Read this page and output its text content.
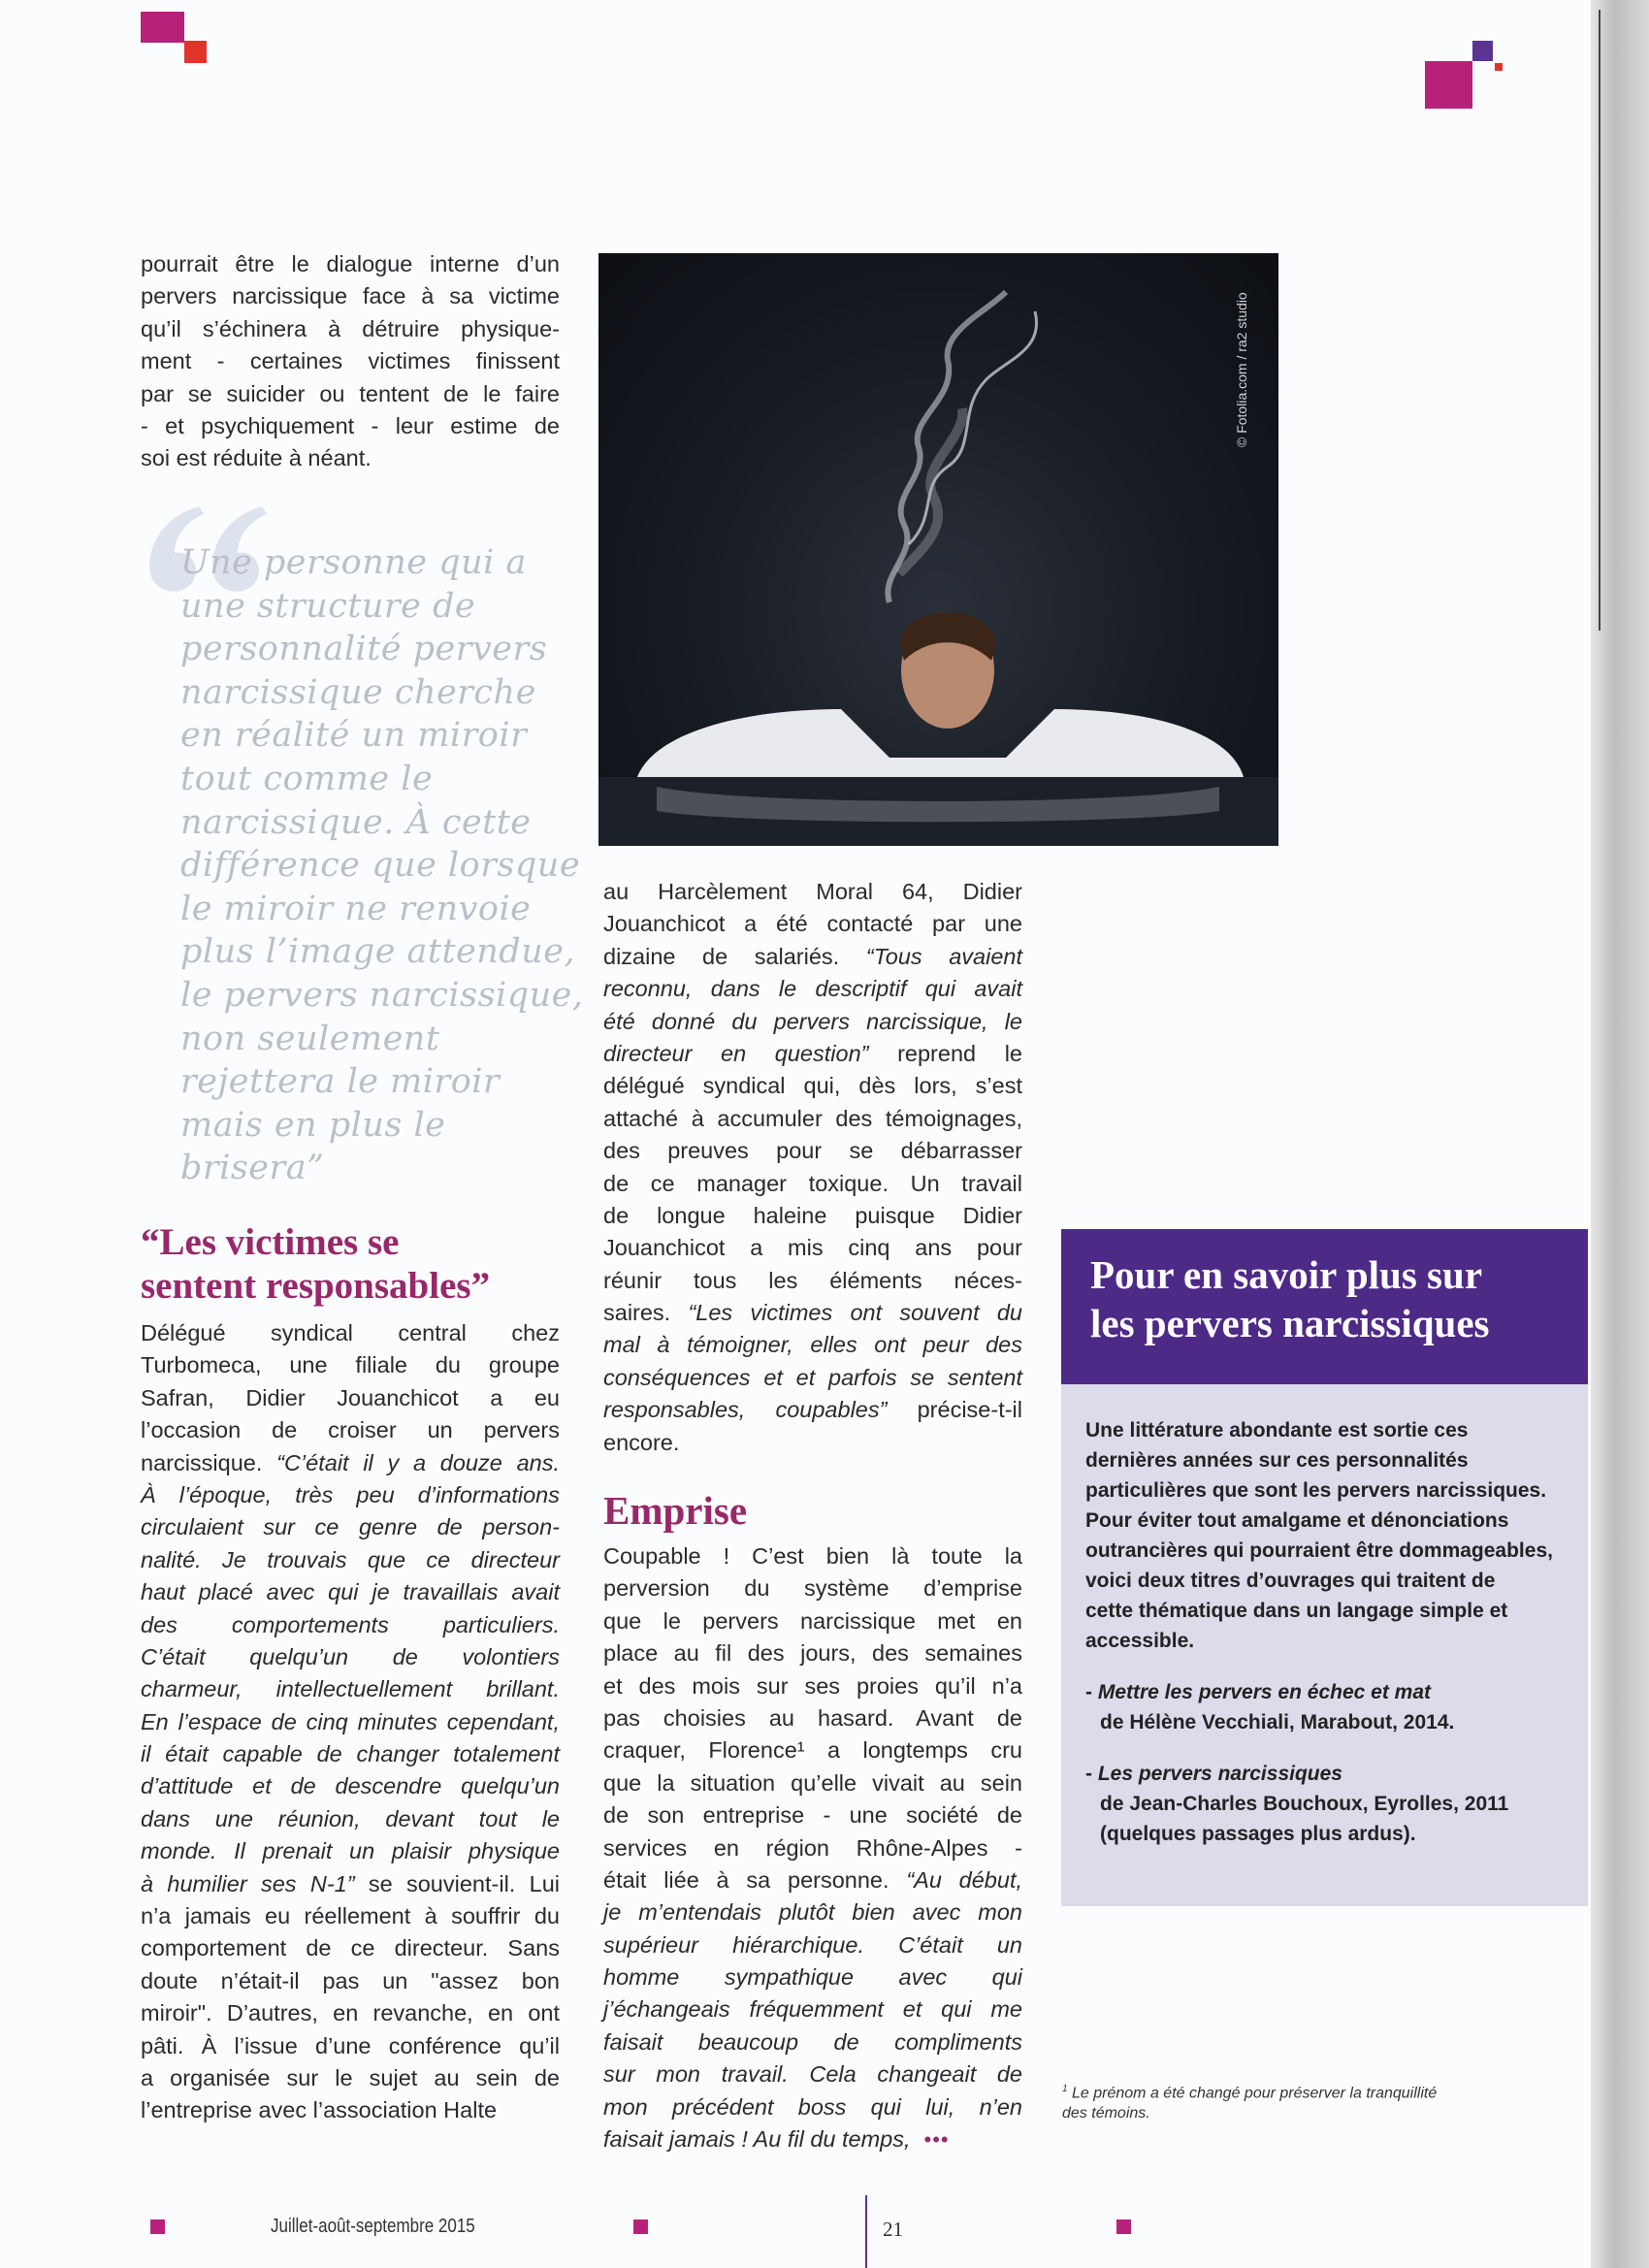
pourrait être le dialogue interne d’un
pervers narcissique face à sa victime
qu’il s’échinera à détruire physique-
ment - certaines victimes finissent
par se suicider ou tentent de le faire
- et psychiquement - leur estime de
soi est réduite à néant.
Une personne qui a
une structure de
personnalité pervers
narcissique cherche
en réalité un miroir
tout comme le
narcissique. À cette
différence que lorsque
le miroir ne renvoie
plus l’image attendue,
le pervers narcissique,
non seulement
rejettera le miroir
mais en plus le
brisera”
“Les victimes se
sentent responsables”
Délégué syndical central chez
Turbomeca, une filiale du groupe
Safran, Didier Jouanchicot a eu
l’occasion de croiser un pervers
narcissique. “C’était il y a douze ans.
À l’époque, très peu d’informations
circulaient sur ce genre de person-
nalité. Je trouvais que ce directeur
haut placé avec qui je travaillais avait
des comportements particuliers.
C’était quelqu’un de volontiers
charmeur, intellectuellement brillant.
En l’espace de cinq minutes cependant,
il était capable de changer totalement
d’attitude et de descendre quelqu’un
dans une réunion, devant tout le
monde. Il prenait un plaisir physique
à humilier ses N-1” se souvient-il. Lui
n’a jamais eu réellement à souffrir du
comportement de ce directeur. Sans
doute n’était-il pas un "assez bon
miroir". D’autres, en revanche, en ont
pâti. À l’issue d’une conférence qu’il
a organisée sur le sujet au sein de
l’entreprise avec l’association Halte
© Fotolia.com / ra2 studio
au Harcèlement Moral 64, Didier
Jouanchicot a été contacté par une
dizaine de salariés. “Tous avaient
reconnu, dans le descriptif qui avait
été donné du pervers narcissique, le
directeur en question” reprend le
délégué syndical qui, dès lors, s’est
attaché à accumuler des témoignages,
des preuves pour se débarrasser
de ce manager toxique. Un travail
de longue haleine puisque Didier
Jouanchicot a mis cinq ans pour
réunir tous les éléments néces-
saires. “Les victimes ont souvent du
mal à témoigner, elles ont peur des
conséquences et et parfois se sentent
responsables, coupables” précise-t-il
encore.
Emprise
Coupable ! C’est bien là toute la
perversion du système d’emprise
que le pervers narcissique met en
place au fil des jours, des semaines
et des mois sur ses proies qu’il n’a
pas choisies au hasard. Avant de
craquer, Florence¹ a longtemps cru
que la situation qu’elle vivait au sein
de son entreprise - une société de
services en région Rhône-Alpes -
était liée à sa personne. “Au début,
je m’entendais plutôt bien avec mon
supérieur hiérarchique. C’était un
homme sympathique avec qui
j’échangeais fréquemment et qui me
faisait beaucoup de compliments
sur mon travail. Cela changeait de
mon précédent boss qui lui, n’en
faisait jamais ! Au fil du temps, •••
Pour en savoir plus sur
les pervers narcissiques
Une littérature abondante est sortie ces
dernières années sur ces personnalités
particulières que sont les pervers narcissiques.
Pour éviter tout amalgame et dénonciations
outrancières qui pourraient être dommageables,
voici deux titres d’ouvrages qui traitent de
cette thématique dans un langage simple et
accessible.
- Mettre les pervers en échec et mat
de Hélène Vecchiali, Marabout, 2014.
- Les pervers narcissiques
de Jean-Charles Bouchoux, Eyrolles, 2011
(quelques passages plus ardus).
$^1$ Le prénom a été changé pour préserver la tranquillité
des témoins.
Juillet-août-septembre 2015	21
